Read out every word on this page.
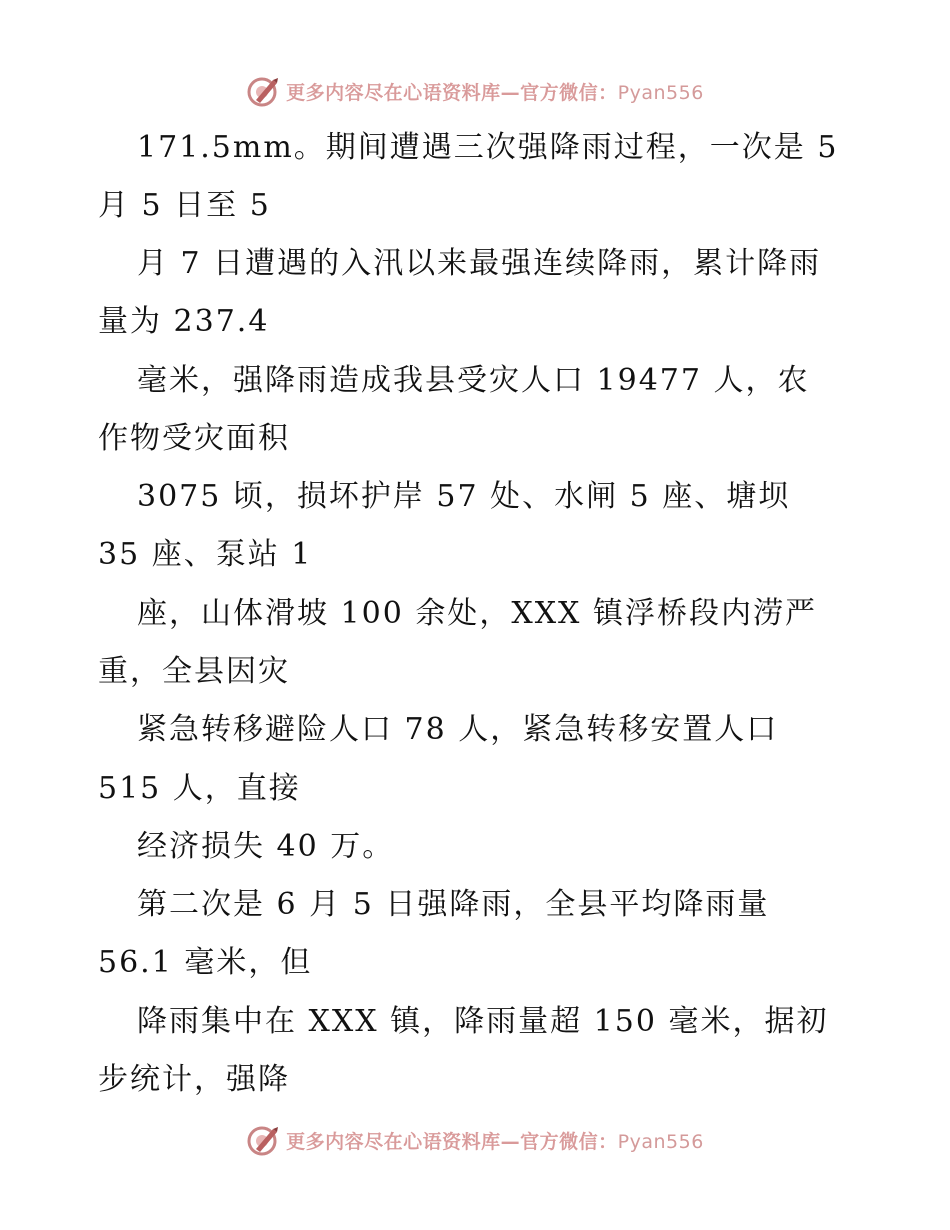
更多内容尽在心语资料库—官方微信：Pyan556
171.5mm。期间遭遇三次强降雨过程，一次是 5
月 5 日至 5
月 7 日遭遇的入汛以来最强连续降雨，累计降雨
量为 237.4
毫米，强降雨造成我县受灾人口 19477 人，农
作物受灾面积
3075 顷，损坏护岸 57 处、水闸 5 座、塘坝
35 座、泵站 1
座，山体滑坡 100 余处，XXX 镇浮桥段内涝严
重，全县因灾
紧急转移避险人口 78 人，紧急转移安置人口
515 人，直接
经济损失 40 万。
第二次是 6 月 5 日强降雨，全县平均降雨量
56.1 毫米，但
降雨集中在 XXX 镇，降雨量超 150 毫米，据初
步统计，强降
更多内容尽在心语资料库—官方微信：Pyan556
